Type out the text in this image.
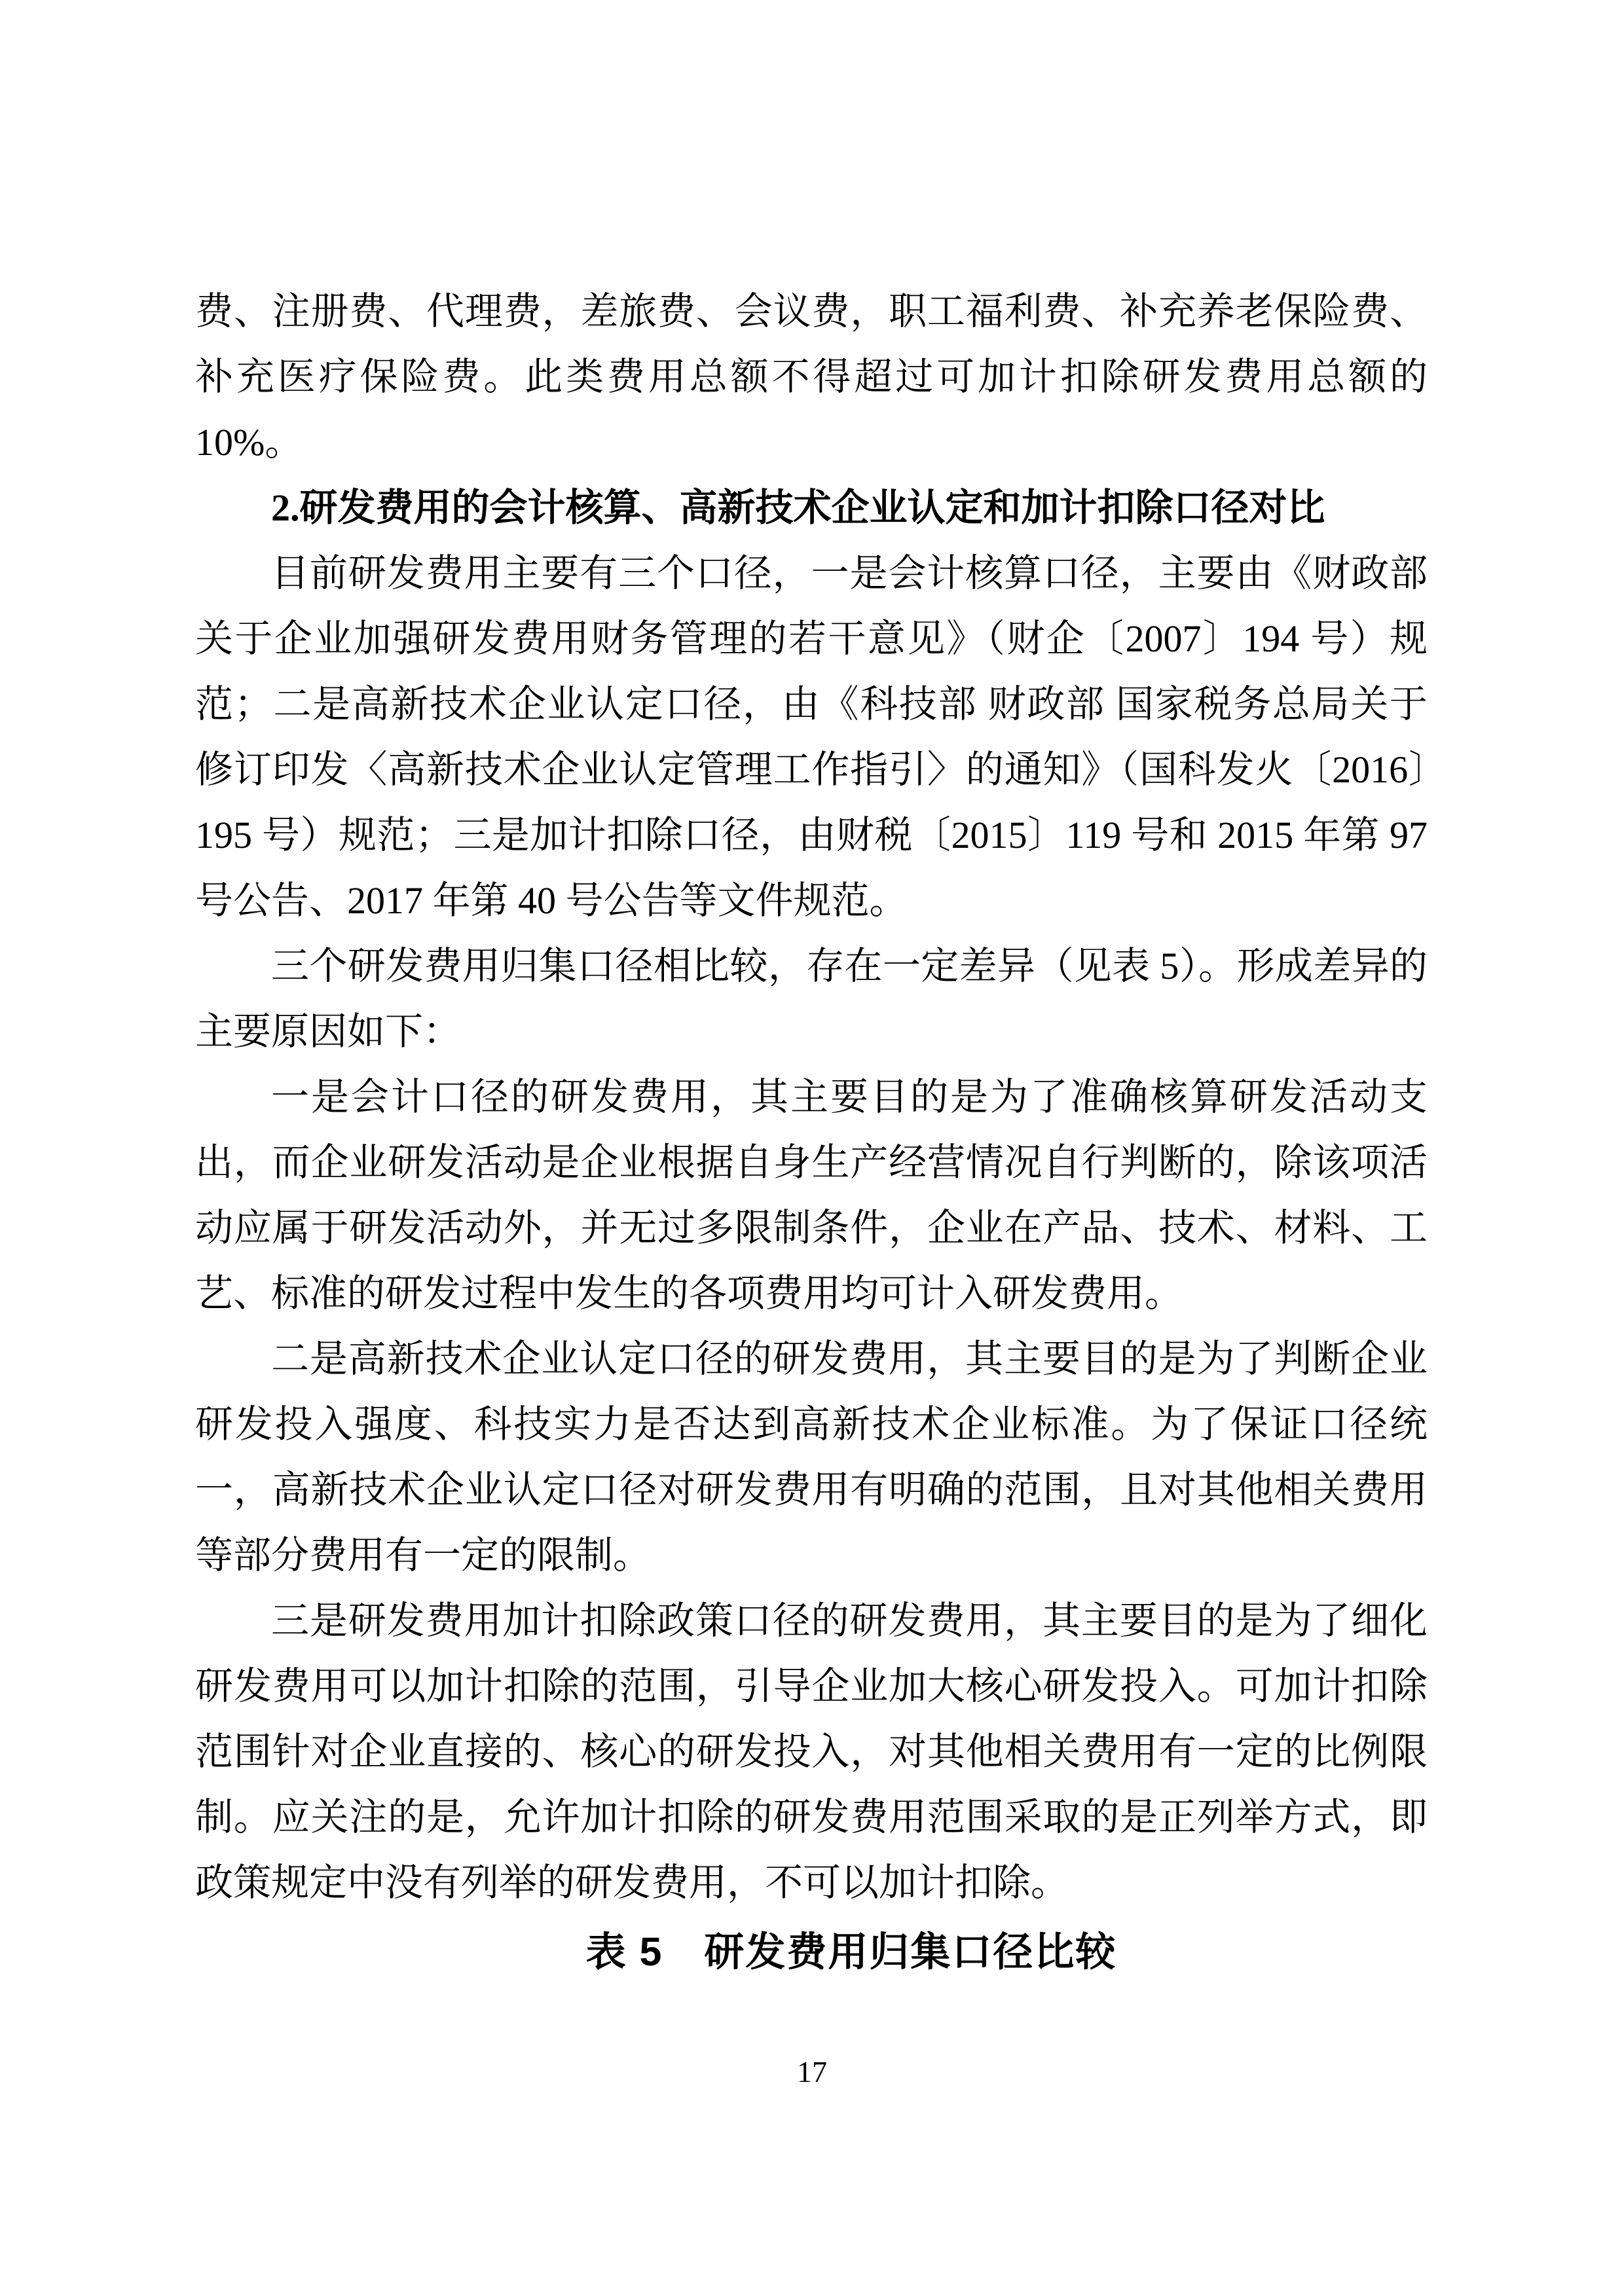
费、注册费、代理费，差旅费、会议费，职工福利费、补充养老保险费、补充医疗保险费。此类费用总额不得超过可加计扣除研发费用总额的 10%。

2.研发费用的会计核算、高新技术企业认定和加计扣除口径对比

目前研发费用主要有三个口径，一是会计核算口径，主要由《财政部关于企业加强研发费用财务管理的若干意见》（财企〔2007〕194 号）规范；二是高新技术企业认定口径，由《科技部 财政部 国家税务总局关于修订印发〈高新技术企业认定管理工作指引〉的通知》（国科发火〔2016〕195 号）规范；三是加计扣除口径，由财税〔2015〕119 号和 2015 年第 97 号公告、2017 年第 40 号公告等文件规范。

三个研发费用归集口径相比较，存在一定差异（见表 5）。形成差异的主要原因如下：

一是会计口径的研发费用，其主要目的是为了准确核算研发活动支出，而企业研发活动是企业根据自身生产经营情况自行判断的，除该项活动应属于研发活动外，并无过多限制条件，企业在产品、技术、材料、工艺、标准的研发过程中发生的各项费用均可计入研发费用。

二是高新技术企业认定口径的研发费用，其主要目的是为了判断企业研发投入强度、科技实力是否达到高新技术企业标准。为了保证口径统一，高新技术企业认定口径对研发费用有明确的范围，且对其他相关费用等部分费用有一定的限制。

三是研发费用加计扣除政策口径的研发费用，其主要目的是为了细化研发费用可以加计扣除的范围，引导企业加大核心研发投入。可加计扣除范围针对企业直接的、核心的研发投入，对其他相关费用有一定的比例限制。应关注的是，允许加计扣除的研发费用范围采取的是正列举方式，即政策规定中没有列举的研发费用，不可以加计扣除。

表 5　研发费用归集口径比较

17
